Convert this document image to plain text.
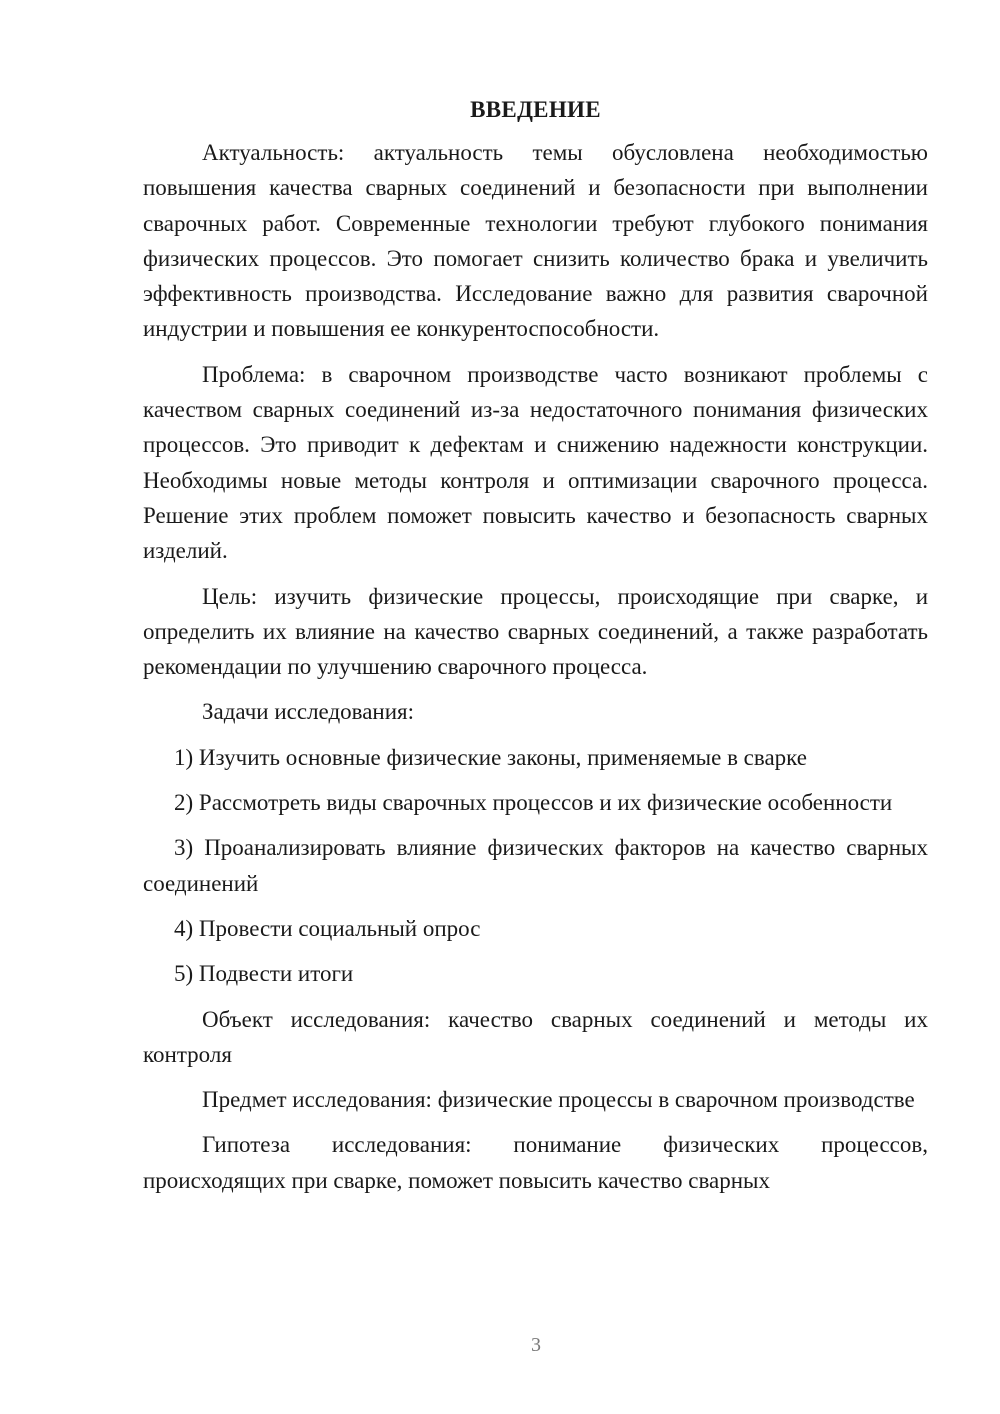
ВВЕДЕНИЕ

Актуальность: актуальность темы обусловлена необходимостью повышения качества сварных соединений и безопасности при выполнении сварочных работ. Современные технологии требуют глубокого понимания физических процессов. Это помогает снизить количество брака и увеличить эффективность производства. Исследование важно для развития сварочной индустрии и повышения ее конкурентоспособности.

Проблема: в сварочном производстве часто возникают проблемы с качеством сварных соединений из-за недостаточного понимания физических процессов. Это приводит к дефектам и снижению надежности конструкции. Необходимы новые методы контроля и оптимизации сварочного процесса. Решение этих проблем поможет повысить качество и безопасность сварных изделий.

Цель: изучить физические процессы, происходящие при сварке, и определить их влияние на качество сварных соединений, а также разработать рекомендации по улучшению сварочного процесса.

Задачи исследования:

1) Изучить основные физические законы, применяемые в сварке

2) Рассмотреть виды сварочных процессов и их физические особенности

3) Проанализировать влияние физических факторов на качество сварных соединений

4) Провести социальный опрос

5) Подвести итоги

Объект исследования: качество сварных соединений и методы их контроля

Предмет исследования: физические процессы в сварочном производстве

Гипотеза исследования: понимание физических процессов, происходящих при сварке, поможет повысить качество сварных

3
